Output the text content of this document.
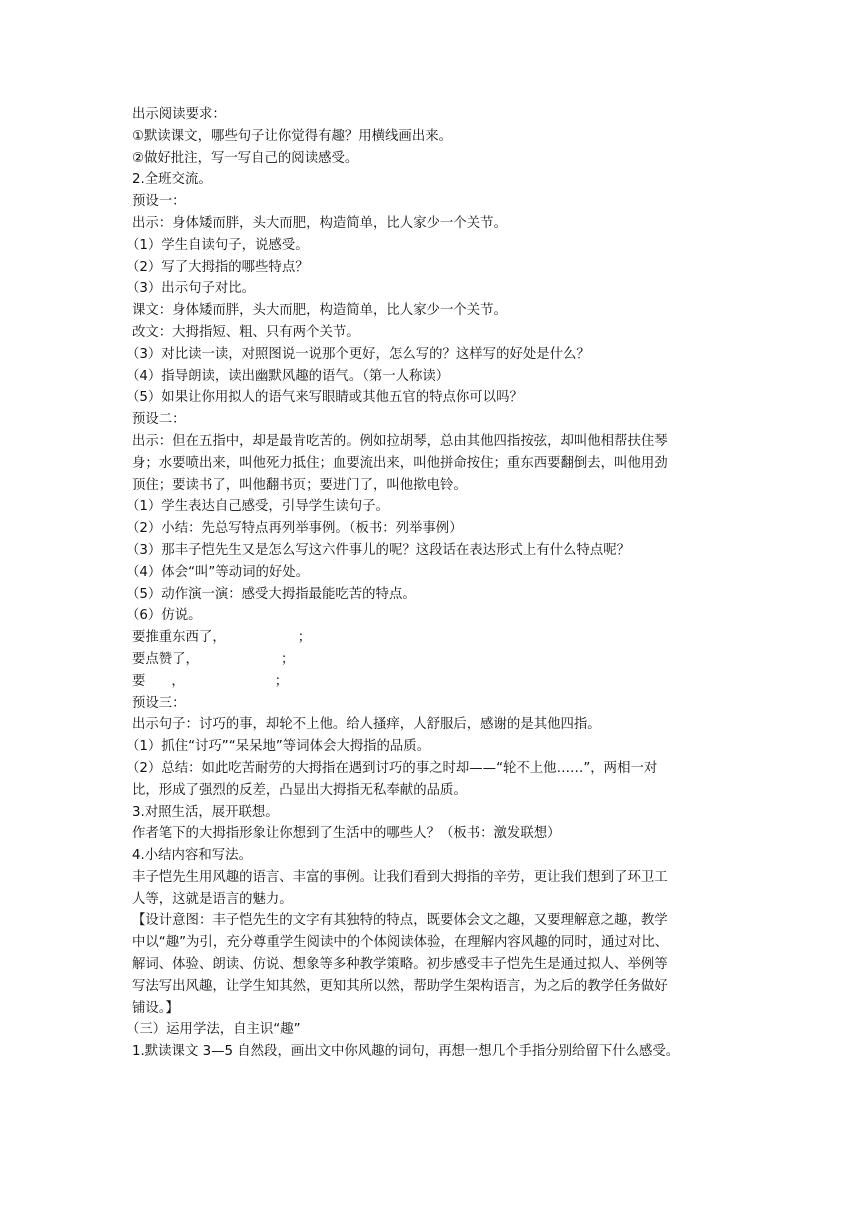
出示阅读要求：
①默读课文，哪些句子让你觉得有趣？用横线画出来。
②做好批注，写一写自己的阅读感受。
2.全班交流。
预设一：
出示：身体矮而胖，头大而肥，构造简单，比人家少一个关节。
（1）学生自读句子，说感受。
（2）写了大拇指的哪些特点？
（3）出示句子对比。
课文：身体矮而胖，头大而肥，构造简单，比人家少一个关节。
改文：大拇指短、粗、只有两个关节。
（3）对比读一读，对照图说一说那个更好，怎么写的？这样写的好处是什么？
（4）指导朗读，读出幽默风趣的语气。（第一人称读）
（5）如果让你用拟人的语气来写眼睛或其他五官的特点你可以吗？
预设二：
出示：但在五指中，却是最肯吃苦的。例如拉胡琴，总由其他四指按弦，却叫他相帮扶住琴
身；水要喷出来，叫他死力抵住；血要流出来，叫他拼命按住；重东西要翻倒去，叫他用劲
顶住；要读书了，叫他翻书页；要进门了，叫他揿电铃。
（1）学生表达自己感受，引导学生读句子。
（2）小结：先总写特点再列举事例。（板书：列举事例）
（3）那丰子恺先生又是怎么写这六件事儿的呢？这段话在表达形式上有什么特点呢？
（4）体会“叫”等动词的好处。
（5）动作演一演：感受大拇指最能吃苦的特点。
（6）仿说。
要推重东西了，	；
要点赞了，	；
要 ，	；
预设三：
出示句子：讨巧的事，却轮不上他。给人搔痒，人舒服后，感谢的是其他四指。
（1）抓住“讨巧”“呆呆地”等词体会大拇指的品质。
（2）总结：如此吃苦耐劳的大拇指在遇到讨巧的事之时却——“轮不上他……”，两相一对
比，形成了强烈的反差，凸显出大拇指无私奉献的品质。
3.对照生活，展开联想。
作者笔下的大拇指形象让你想到了生活中的哪些人？（板书：激发联想）
4.小结内容和写法。
丰子恺先生用风趣的语言、丰富的事例。让我们看到大拇指的辛劳，更让我们想到了环卫工
人等，这就是语言的魅力。
【设计意图：丰子恺先生的文字有其独特的特点，既要体会文之趣，又要理解意之趣，教学
中以“趣”为引，充分尊重学生阅读中的个体阅读体验，在理解内容风趣的同时，通过对比、
解词、体验、朗读、仿说、想象等多种教学策略。初步感受丰子恺先生是通过拟人、举例等
写法写出风趣，让学生知其然，更知其所以然，帮助学生架构语言，为之后的教学任务做好
铺设。】
（三）运用学法，自主识“趣”
1.默读课文 3—5 自然段，画出文中你风趣的词句，再想一想几个手指分别给留下什么感受。
